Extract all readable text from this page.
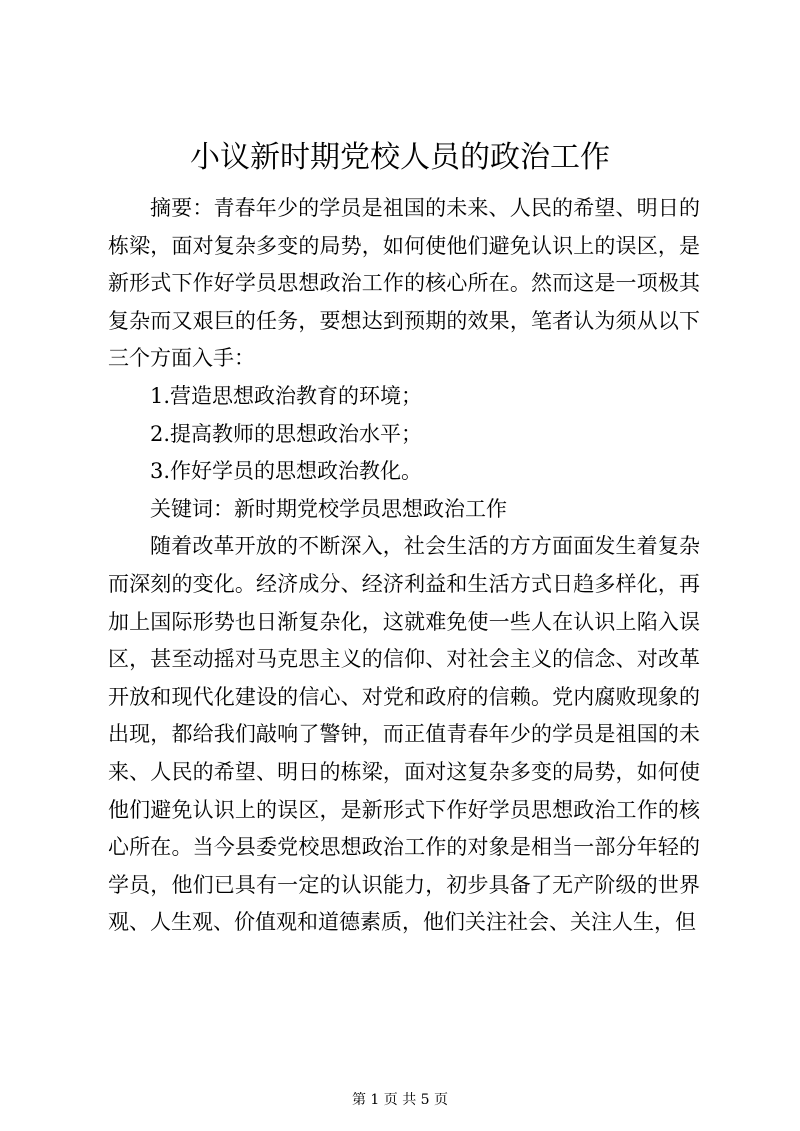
小议新时期党校人员的政治工作

摘要：青春年少的学员是祖国的未来、人民的希望、明日的栋梁，面对复杂多变的局势，如何使他们避免认识上的误区，是新形式下作好学员思想政治工作的核心所在。然而这是一项极其复杂而又艰巨的任务，要想达到预期的效果，笔者认为须从以下三个方面入手：

1.营造思想政治教育的环境；

2.提高教师的思想政治水平；

3.作好学员的思想政治教化。

关键词：新时期党校学员思想政治工作

随着改革开放的不断深入，社会生活的方方面面发生着复杂而深刻的变化。经济成分、经济利益和生活方式日趋多样化，再加上国际形势也日渐复杂化，这就难免使一些人在认识上陷入误区，甚至动摇对马克思主义的信仰、对社会主义的信念、对改革开放和现代化建设的信心、对党和政府的信赖。党内腐败现象的出现，都给我们敲响了警钟，而正值青春年少的学员是祖国的未来、人民的希望、明日的栋梁，面对这复杂多变的局势，如何使他们避免认识上的误区，是新形式下作好学员思想政治工作的核心所在。当今县委党校思想政治工作的对象是相当一部分年轻的学员，他们已具有一定的认识能力，初步具备了无产阶级的世界观、人生观、价值观和道德素质，他们关注社会、关注人生，但

第 1 页 共 5 页
